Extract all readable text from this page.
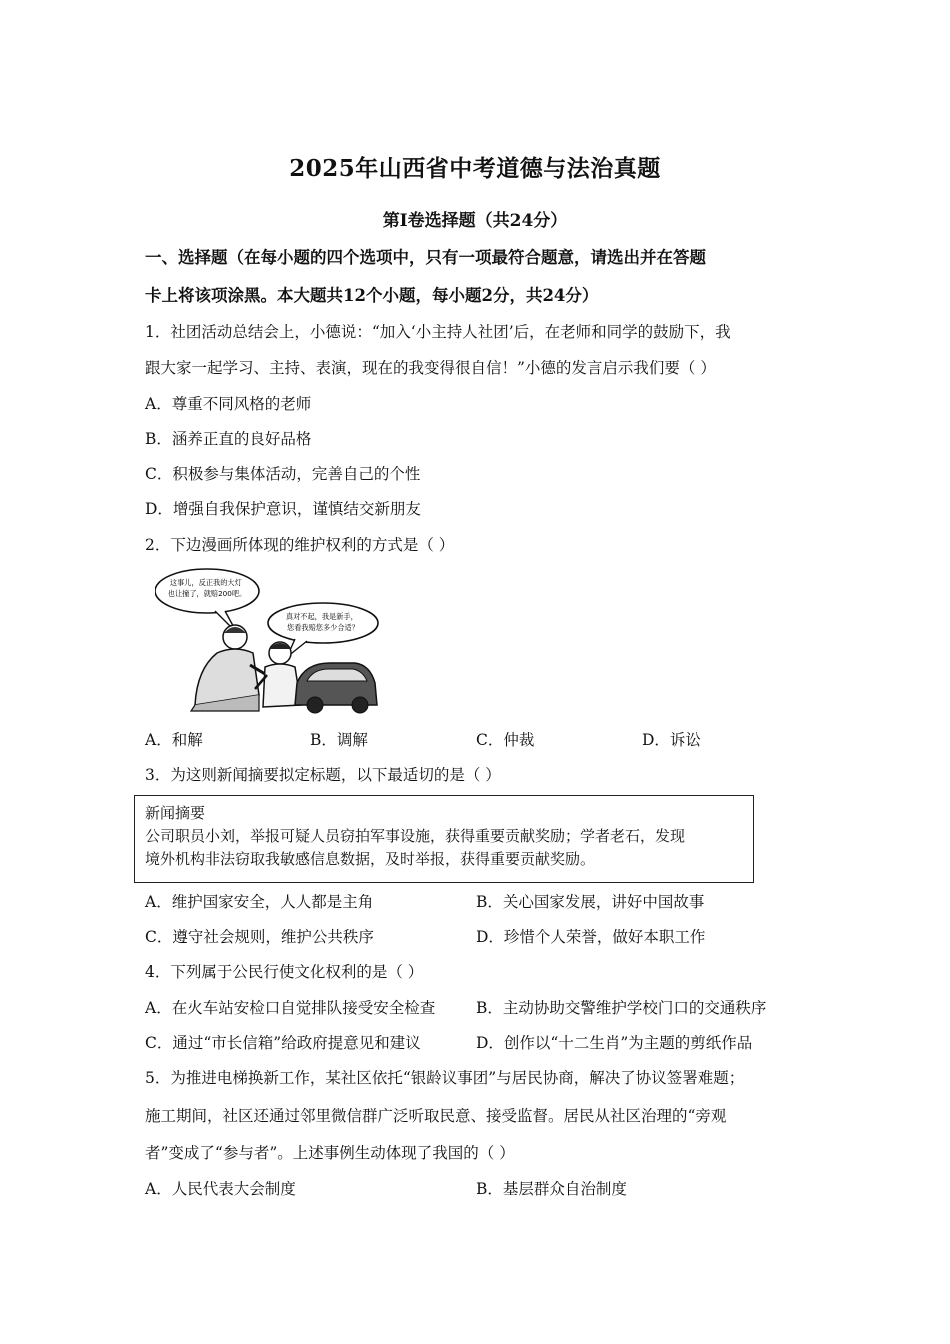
2025年山西省中考道德与法治真题
第Ⅰ卷选择题（共24分）
一、选择题（在每小题的四个选项中，只有一项最符合题意，请选出并在答题
卡上将该项涂黑。本大题共12个小题，每小题2分，共24分）
1．社团活动总结会上，小德说：“加入‘小主持人社团’后，在老师和同学的鼓励下，我
跟大家一起学习、主持、表演，现在的我变得很自信！”小德的发言启示我们要（ ）
A．尊重不同风格的老师
B．涵养正直的良好品格
C．积极参与集体活动，完善自己的个性
D．增强自我保护意识，谨慎结交新朋友
2．下边漫画所体现的维护权利的方式是（ ）
这事儿，反正我的大灯 也让撞了，就赔200吧。
真对不起，我是新手， 您看我赔您多少合适？
A．和解	B．调解	C．仲裁	D．诉讼
3．为这则新闻摘要拟定标题，以下最适切的是（ ）
新闻摘要
公司职员小刘，举报可疑人员窃拍军事设施，获得重要贡献奖励；学者老石，发现
境外机构非法窃取我敏感信息数据，及时举报，获得重要贡献奖励。
A．维护国家安全，人人都是主角	B．关心国家发展，讲好中国故事
C．遵守社会规则，维护公共秩序	D．珍惜个人荣誉，做好本职工作
4．下列属于公民行使文化权利的是（ ）
A．在火车站安检口自觉排队接受安全检查	B．主动协助交警维护学校门口的交通秩序
C．通过“市长信箱”给政府提意见和建议	D．创作以“十二生肖”为主题的剪纸作品
5．为推进电梯换新工作，某社区依托“银龄议事团”与居民协商，解决了协议签署难题；
施工期间，社区还通过邻里微信群广泛听取民意、接受监督。居民从社区治理的“旁观
者”变成了“参与者”。上述事例生动体现了我国的（ ）
A．人民代表大会制度	B．基层群众自治制度
